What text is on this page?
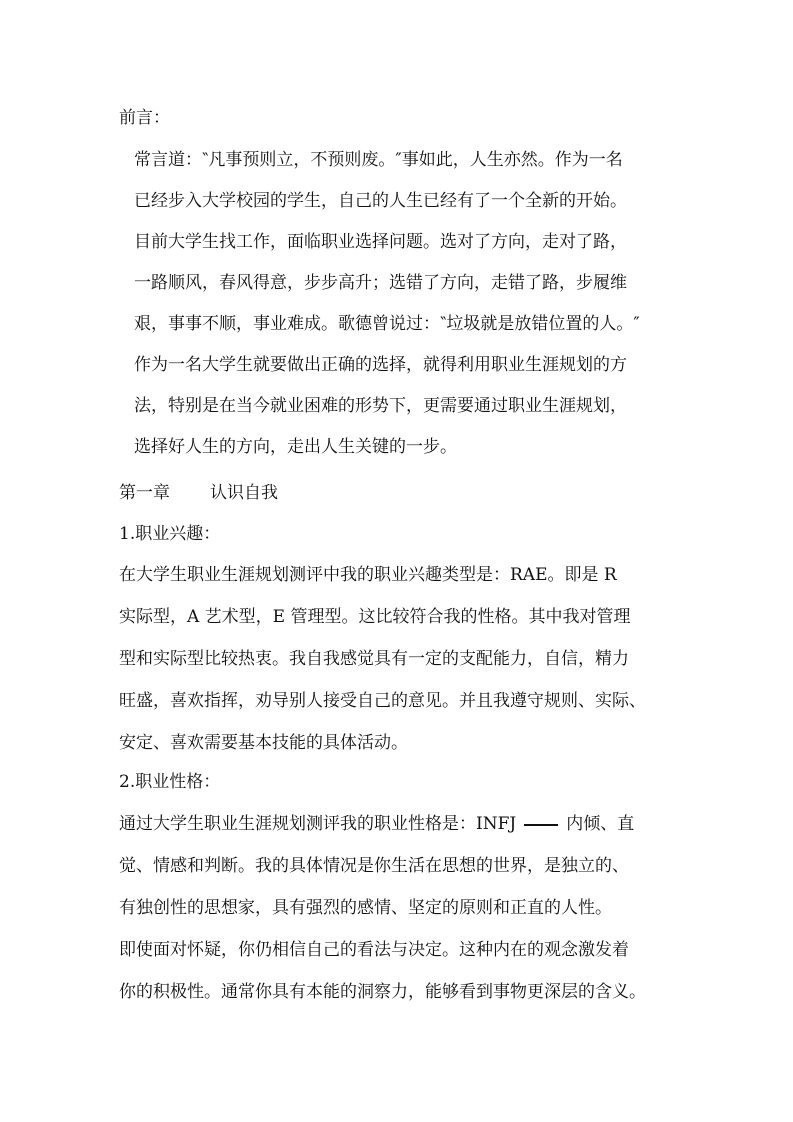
前言：
常言道：‶凡事预则立，不预则废。″事如此，人生亦然。作为一名
已经步入大学校园的学生，自己的人生已经有了一个全新的开始。
目前大学生找工作，面临职业选择问题。选对了方向，走对了路，
一路顺风，春风得意，步步高升；选错了方向，走错了路，步履维
艰，事事不顺，事业难成。歌德曾说过：‶垃圾就是放错位置的人。″
作为一名大学生就要做出正确的选择，就得利用职业生涯规划的方
法，特别是在当今就业困难的形势下，更需要通过职业生涯规划，
选择好人生的方向，走出人生关键的一步。
第一章 认识自我
1.职业兴趣：
在大学生职业生涯规划测评中我的职业兴趣类型是：RAE。即是 R
实际型，A 艺术型，E 管理型。这比较符合我的性格。其中我对管理
型和实际型比较热衷。我自我感觉具有一定的支配能力，自信，精力
旺盛，喜欢指挥，劝导别人接受自己的意见。并且我遵守规则、实际、
安定、喜欢需要基本技能的具体活动。
2.职业性格：
通过大学生职业生涯规划测评我的职业性格是：INFJ	内倾、直
觉、情感和判断。我的具体情况是你生活在思想的世界，是独立的、
有独创性的思想家，具有强烈的感情、坚定的原则和正直的人性。
即使面对怀疑，你仍相信自己的看法与决定。这种内在的观念激发着
你的积极性。通常你具有本能的洞察力，能够看到事物更深层的含义。
